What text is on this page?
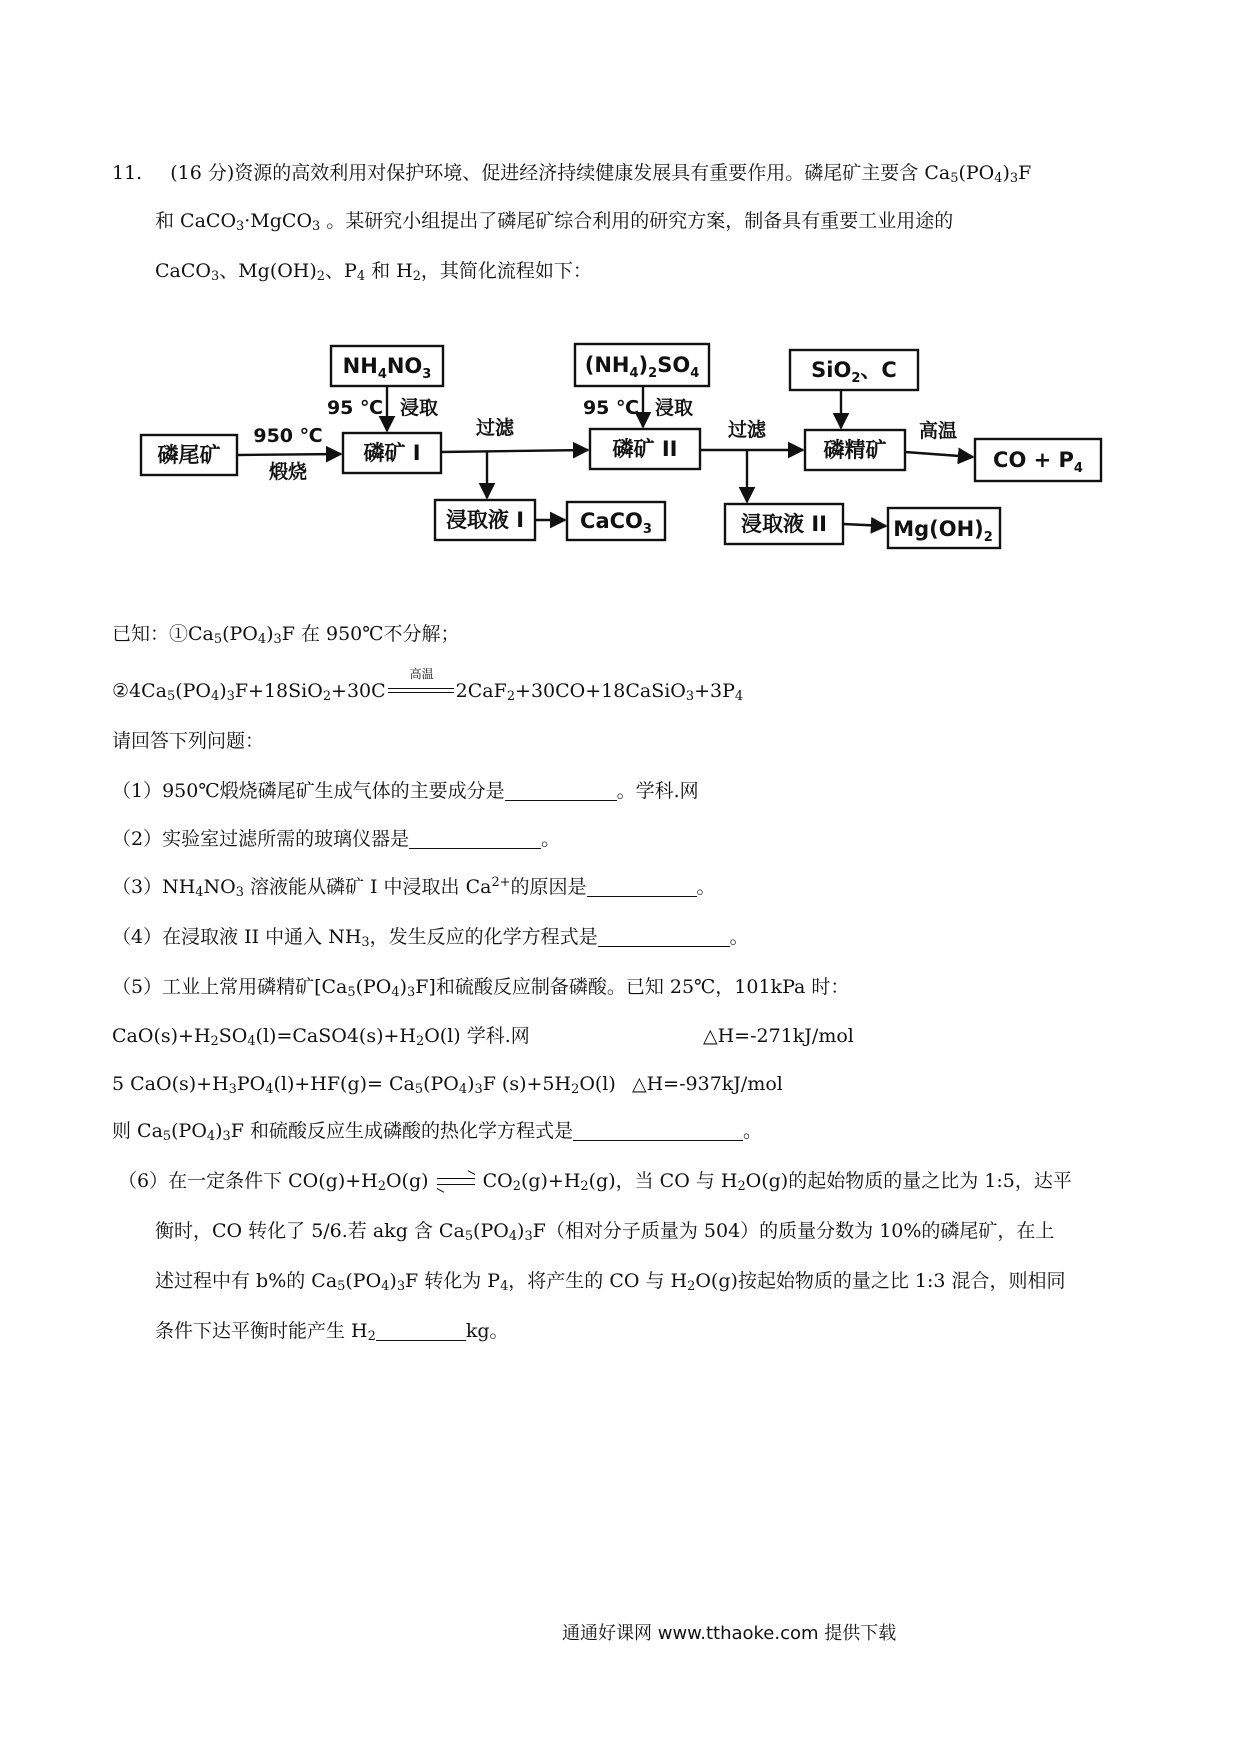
11. (16 分)资源的高效利用对保护环境、促进经济持续健康发展具有重要作用。磷尾矿主要含 $Ca_5(PO_4)_3F$
和 CaCO$_3$·MgCO$_3$ 。某研究小组提出了磷尾矿综合利用的研究方案，制备具有重要工业用途的
CaCO$_3$、$Mg(OH)_2$、$P_4$ 和 $H_2$，其简化流程如下：
磷尾矿
$NH_4NO_3$
磷矿 I
浸取液 I	CaCO$_3$
$(NH_4)_2SO_4$
磷矿 II
SiO$_2$、C
磷精矿	CO + $P_4$
浸取液 II	$Mg(OH)_2$
950 ℃
煅烧
95 ℃ 浸取
过滤
95 ℃ 浸取
过滤	高温
已知：$①Ca_5(PO_4)_3F$ 在 950℃不分解；
$②4Ca_5(PO_4)_3F+18SiO_2+30C$
高温
$2CaF_2+30CO+18CaSiO_3+3P_4$
请回答下列问题：
（1）950℃煅烧磷尾矿生成气体的主要成分是	。学科.网
（2）实验室过滤所需的玻璃仪器是	。
$(3)NH_4NO_3$ 溶液能从磷矿 I 中浸取出 $Ca^{2+}$的原因是	。
（4）在浸取液 II 中通入 $NH_3$，发生反应的化学方程式是	。
（5）工业上常用磷精矿$[Ca_5(PO_4)_3F]$和硫酸反应制备磷酸。已知 25℃，101kPa 时：
$CaO(s)+H_2SO_4(l)=CaSO4(s)+H_2O(l)$ 学科.网	△H=-271kJ/mol
5 $CaO(s)+H_3PO_4(l)+HF(g)= Ca_5(PO_4)_3F$ $(s)+5H_2O(l)$ △H=-937kJ/mol
则 $Ca_5(PO_4)_3F$ 和硫酸反应生成磷酸的热化学方程式是	。
（6）在一定条件下 $CO(g)+H_2O(g)$ ⇌ $CO_2(g)+H_2(g)$，当 CO 与 $H_2O(g)$的起始物质的量之比为 1:5，达平
衡时，CO 转化了 5/6.若 akg 含 $Ca_5(PO_4)_3F$（相对分子质量为 504）的质量分数为 10%的磷尾矿，在上
述过程中有 b%的 $Ca_5(PO_4)_3F$ 转化为 $P_4$，将产生的 CO 与 $H_2O(g)$按起始物质的量之比 1:3 混合，则相同
条件下达平衡时能产生 $H_2$	kg。
通通好课网 www.tthaoke.com 提供下载
